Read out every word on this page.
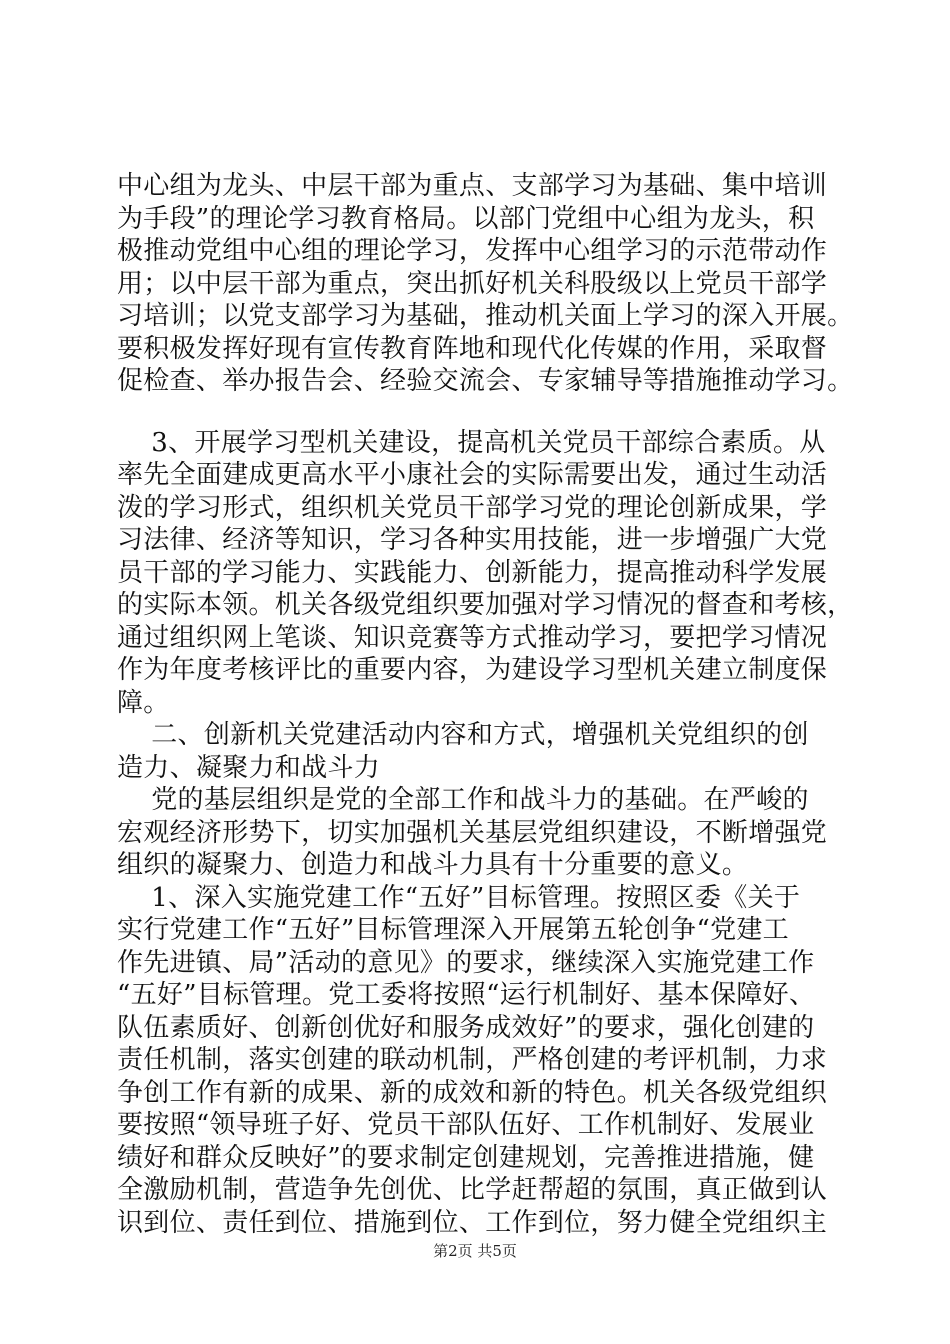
中心组为龙头、中层干部为重点、支部学习为基础、集中培训
为手段”的理论学习教育格局。以部门党组中心组为龙头，积
极推动党组中心组的理论学习，发挥中心组学习的示范带动作
用；以中层干部为重点，突出抓好机关科股级以上党员干部学
习培训；以党支部学习为基础，推动机关面上学习的深入开展。
要积极发挥好现有宣传教育阵地和现代化传媒的作用，采取督
促检查、举办报告会、经验交流会、专家辅导等措施推动学习。
3、开展学习型机关建设，提高机关党员干部综合素质。从
率先全面建成更高水平小康社会的实际需要出发，通过生动活
泼的学习形式，组织机关党员干部学习党的理论创新成果，学
习法律、经济等知识，学习各种实用技能，进一步增强广大党
员干部的学习能力、实践能力、创新能力，提高推动科学发展
的实际本领。机关各级党组织要加强对学习情况的督查和考核，
通过组织网上笔谈、知识竞赛等方式推动学习，要把学习情况
作为年度考核评比的重要内容，为建设学习型机关建立制度保
障。
二、创新机关党建活动内容和方式，增强机关党组织的创
造力、凝聚力和战斗力
党的基层组织是党的全部工作和战斗力的基础。在严峻的
宏观经济形势下，切实加强机关基层党组织建设，不断增强党
组织的凝聚力、创造力和战斗力具有十分重要的意义。
1、深入实施党建工作“五好”目标管理。按照区委《关于
实行党建工作“五好”目标管理深入开展第五轮创争“党建工
作先进镇、局”活动的意见》的要求，继续深入实施党建工作
“五好”目标管理。党工委将按照“运行机制好、基本保障好、
队伍素质好、创新创优好和服务成效好”的要求，强化创建的
责任机制，落实创建的联动机制，严格创建的考评机制，力求
争创工作有新的成果、新的成效和新的特色。机关各级党组织
要按照“领导班子好、党员干部队伍好、工作机制好、发展业
绩好和群众反映好”的要求制定创建规划，完善推进措施，健
全激励机制，营造争先创优、比学赶帮超的氛围，真正做到认
识到位、责任到位、措施到位、工作到位，努力健全党组织主
第2页 共5页
